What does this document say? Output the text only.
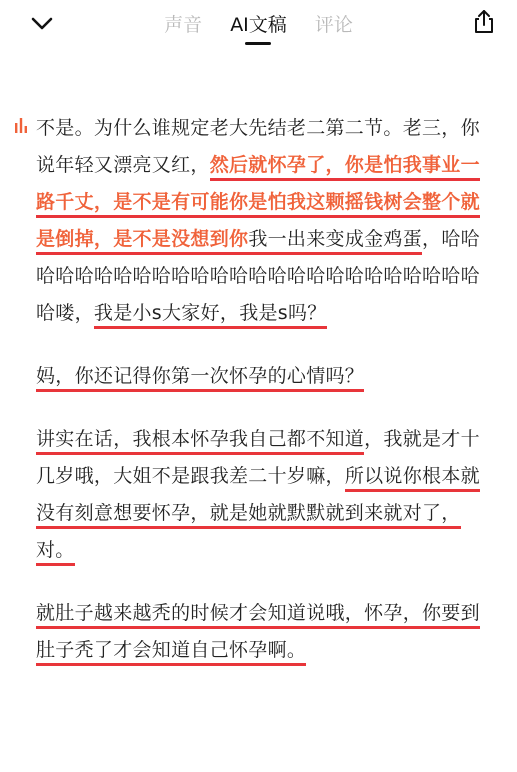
声音 AI文稿 评论

不是。为什么谁规定老大先结老二第二节。老三，你说年轻又漂亮又红，然后就怀孕了，你是怕我事业一路千丈，是不是有可能你是怕我这颗摇钱树会整个就是倒掉，是不是没想到你我一出来变成金鸡蛋，哈哈哈哈哈哈哈哈哈哈哈哈哈哈哈哈哈哈哈哈哈哈哈哈哈哈喽，我是小s大家好，我是s吗？

妈，你还记得你第一次怀孕的心情吗？

讲实在话，我根本怀孕我自己都不知道，我就是才十几岁哦，大姐不是跟我差二十岁嘛，所以说你根本就没有刻意想要怀孕，就是她就默默就到来就对了，对。

就肚子越来越秃的时候才会知道说哦，怀孕，你要到肚子秃了才会知道自己怀孕啊。
